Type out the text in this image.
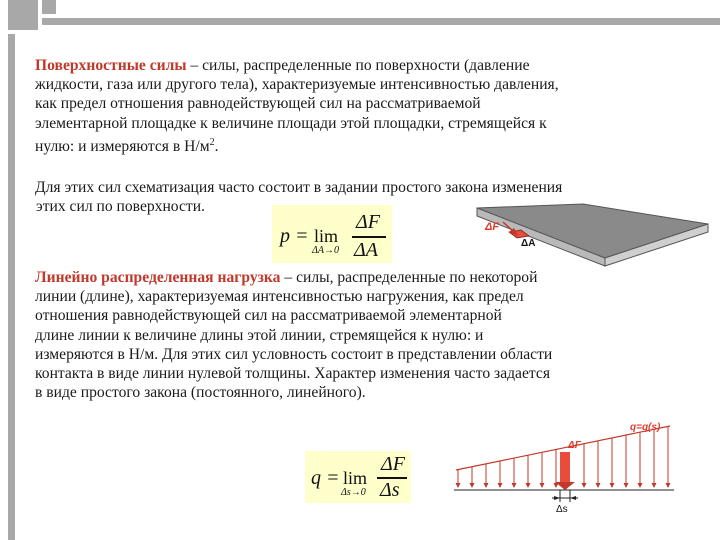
Поверхностные силы – силы, распределенные по поверхности (давление
жидкости, газа или другого тела), характеризуемые интенсивностью давления,
как предел отношения равнодействующей сил на рассматриваемой
элементарной площадке к величине площади этой площадки, стремящейся к
нулю: и измеряются в $Н/м^2$.

Для этих сил схематизация часто состоит в задании простого закона изменения
этих сил по поверхности.

p = lim
ΔA→0
ΔF
ΔA
ΔF
ΔA

Линейно распределенная нагрузка – силы, распределенные по некоторой
линии (длине), характеризуемая интенсивностью нагружения, как предел
отношения равнодействующей сил на рассматриваемой элементарной
длине линии к величине длины этой линии, стремящейся к нулю: и
измеряются в Н/м. Для этих сил условность состоит в представлении области
контакта в виде линии нулевой толщины. Характер изменения часто задается
в виде простого закона (постоянного, линейного).

q = lim
Δs→0
ΔF
Δs
ΔF
q=q(s)
Δs
